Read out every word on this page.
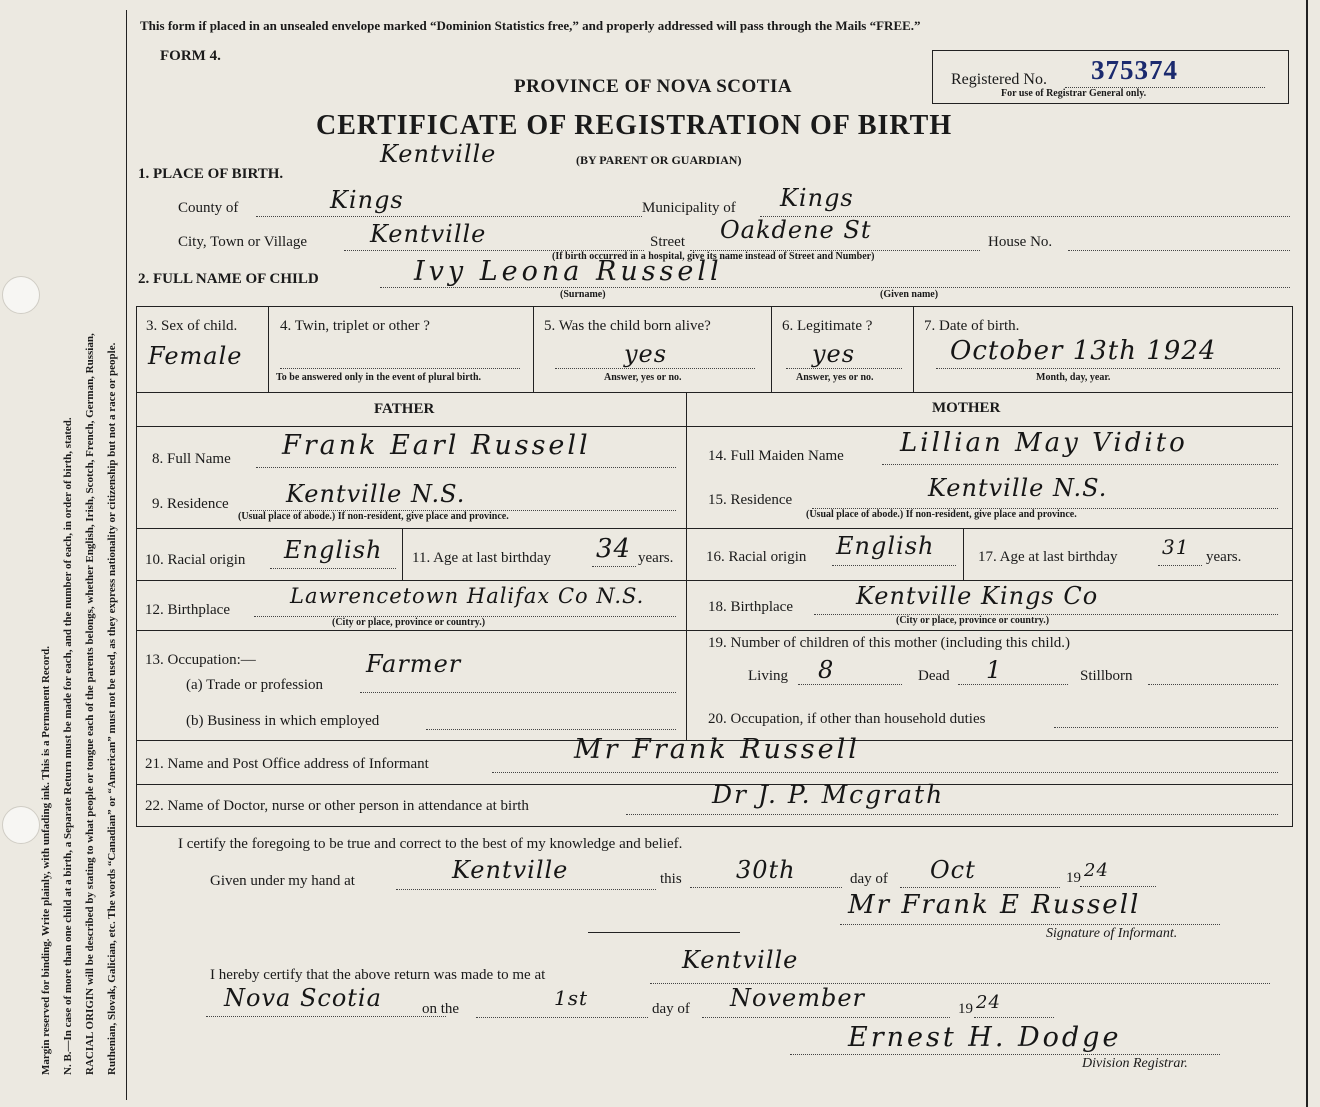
Margin reserved for binding. Write plainly, with unfading ink. This is a Permanent Record. N. B.—In case of more than one child at a birth, a Separate Return must be made for each, and the number of each, in order of birth, stated. RACIAL ORIGIN will be described by stating to what people or tongue each of the parents belongs, whether English, Irish, Scotch, French, German, Russian, Ruthenian, Slovak, Galician, etc. The words “Canadian” or “American” must not be used, as they express nationality or citizenship but not a race or people.
This form if placed in an unsealed envelope marked “Dominion Statistics free,” and properly addressed will pass through the Mails “FREE.”
FORM 4.
PROVINCE OF NOVA SCOTIA
CERTIFICATE OF REGISTRATION OF BIRTH
(BY PARENT OR GUARDIAN)
Registered No. 375374
For use of Registrar General only.
1. PLACE OF BIRTH.
Kentville
County of	Kings	Municipality of Kings
City, Town or Village	Kentville	Street Oakdene St	House No.
(If birth occurred in a hospital, give its name instead of Street and Number)
2. FULL NAME OF CHILD	Ivy Leona Russell
(Surname)	(Given name)
3. Sex of child.
Female
4. Twin, triplet or other ?
To be answered only in the event of plural birth.
5. Was the child born alive?
yes
Answer, yes or no.
6. Legitimate ?
yes
Answer, yes or no.
7. Date of birth.
October 13th 1924
Month, day, year.
FATHER	MOTHER
8. Full Name Frank Earl Russell
9. Residence Kentville N.S.
(Usual place of abode.) If non-resident, give place and province.
10. Racial origin English 11. Age at last birthday 34 years.
12. Birthplace
Lawrencetown Halifax Co N.S.
(City or place, province or country.)
13. Occupation:—
(a) Trade or profession
Farmer
(b) Business in which employed
14. Full Maiden Name Lillian May Vidito
15. Residence	Kentville N.S.
(Usual place of abode.) If non-resident, give place and province.
16. Racial origin English	17. Age at last birthday 31 years.
18. Birthplace	Kentville Kings Co
(City or place, province or country.)
19. Number of children of this mother (including this child.)
Living 8	Dead 1	Stillborn
20. Occupation, if other than household duties
21. Name and Post Office address of Informant	Mr Frank Russell
22. Name of Doctor, nurse or other person in attendance at birth	Dr J. P. Mcgrath
I certify the foregoing to be true and correct to the best of my knowledge and belief.
Given under my hand at	Kentville	this 30th	day of Oct	19 24
Mr Frank E Russell
Signature of Informant.
I hereby certify that the above return was made to me at
Kentville
Nova Scotia	on the	1st	day of November	19 24
Ernest H. Dodge
Division Registrar.
